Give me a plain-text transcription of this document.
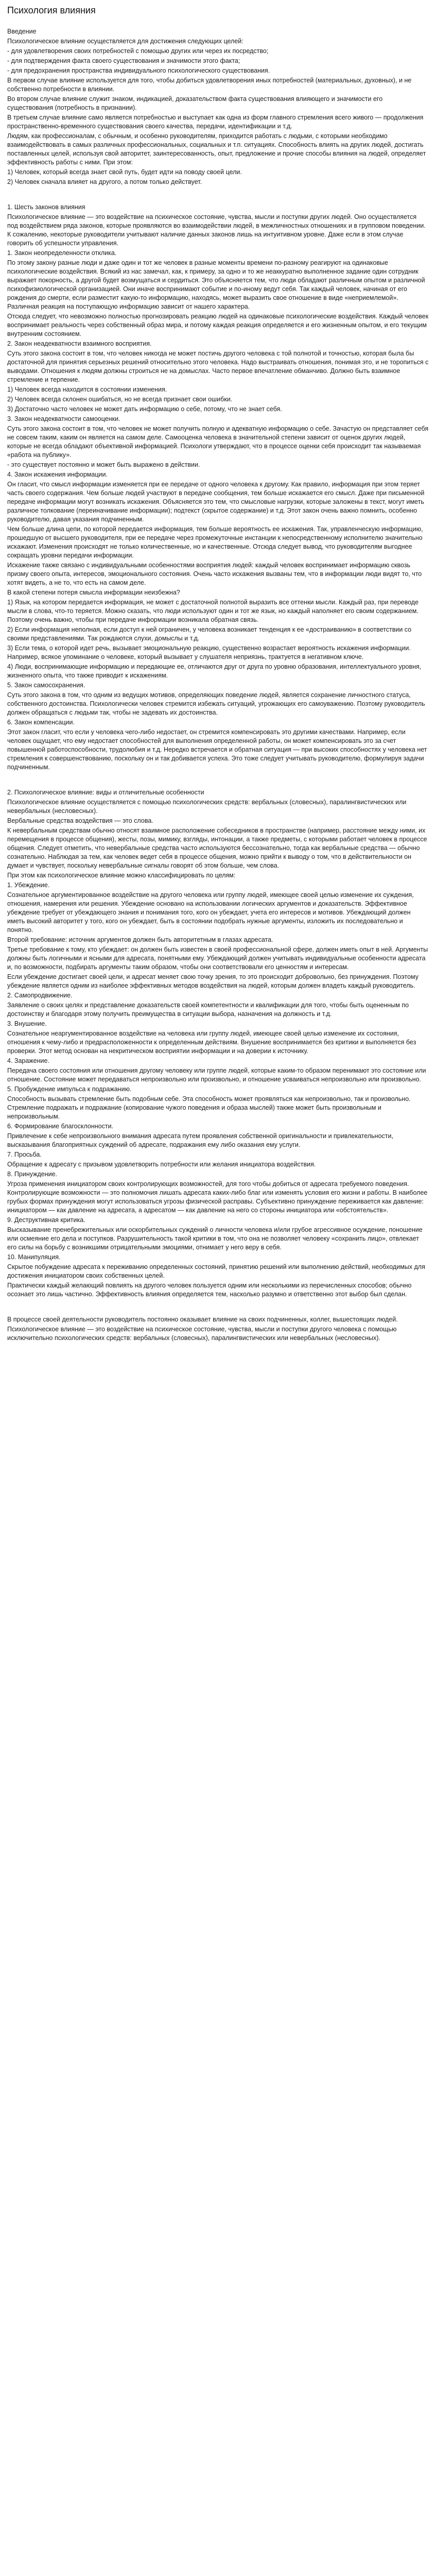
Психология влияния

Введение

Психологическое влияние осуществляется для достижения следующих целей:

- для удовлетворения своих потребностей с помощью других или через их посредство;

- для подтверждения факта своего существования и значимости этого факта;

- для предохранения пространства индивидуального психологического существования.

В первом случае влияние используется для того, чтобы добиться удовлетворения иных потребностей (материальных, духовных), и не собственно потребности в влиянии.

Во втором случае влияние служит знаком, индикацией, доказательством факта существования влияющего и значимости его существования (потребность в признании).

В третьем случае влияние само является потребностью и выступает как одна из форм главного стремления всего живого — продолжения пространственно-временного существования своего качества, передачи, идентификации и т.д.

Людям, как профессионалам, с обычным, и особенно руководителям, приходится работать с людьми, с которыми необходимо взаимодействовать в самых различных профессиональных, социальных и т.п. ситуациях. Способность влиять на других людей, достигать поставленных целей, используя свой авторитет, заинтересованность, опыт, предложение и прочие способы влияния на людей, определяет эффективность работы с ними. При этом:

1) Человек, который всегда знает свой путь, будет идти на поводу своей цели.

2) Человек сначала влияет на другого, а потом только действует.

1. Шесть законов влияния

Психологическое влияние — это воздействие на психическое состояние, чувства, мысли и поступки других людей. Оно осуществляется под воздействием ряда законов, которые проявляются во взаимодействии людей, в межличностных отношениях и в групповом поведении. К сожалению, некоторые руководители учитывают наличие данных законов лишь на интуитивном уровне. Даже если в этом случае говорить об успешности управления.

1. Закон неопределенности отклика.

По этому закону разные люди и даже один и тот же человек в разные моменты времени по-разному реагируют на одинаковые психологические воздействия. Всякий из нас замечал, как, к примеру, за одно и то же неаккуратно выполненное задание один сотрудник выражает покорность, а другой будет возмущаться и сердиться. Это объясняется тем, что люди обладают различным опытом и различной психофизиологической организацией. Они иначе воспринимают событие и по-иному ведут себя. Так каждый человек, начиная от его рождения до смерти, если разместит какую-то информацию, находясь, может выразить свое отношение в виде «неприемлемой». Различная реакция на поступающую информацию зависит от нашего характера.

Отсюда следует, что невозможно полностью прогнозировать реакцию людей на одинаковые психологические воздействия. Каждый человек воспринимает реальность через собственный образ мира, и потому каждая реакция определяется и его жизненным опытом, и его текущим внутренним состоянием.

2. Закон неадекватности взаимного восприятия.

Суть этого закона состоит в том, что человек никогда не может постичь другого человека с той полнотой и точностью, которая была бы достаточной для принятия серьезных решений относительно этого человека. Надо выстраивать отношения, понимая это, и не торопиться с выводами. Отношения к людям должны строиться не на домыслах. Часто первое впечатление обманчиво. Должно быть взаимное стремление и терпение.

1) Человек всегда находится в состоянии изменения.

2) Человек всегда склонен ошибаться, но не всегда признает свои ошибки.

3) Достаточно часто человек не может дать информацию о себе, потому, что не знает себя.

3. Закон неадекватности самооценки.

Суть этого закона состоит в том, что человек не может получить полную и адекватную информацию о себе. Зачастую он представляет себя не совсем таким, каким он является на самом деле. Самооценка человека в значительной степени зависит от оценок других людей, которые не всегда обладают объективной информацией. Психологи утверждают, что в процессе оценки себя происходит так называемая «работа на публику».

- это существует постоянно и может быть выражено в действии.

4. Закон искажения информации.

Он гласит, что смысл информации изменяется при ее передаче от одного человека к другому. Как правило, информация при этом теряет часть своего содержания. Чем больше людей участвуют в передаче сообщения, тем больше искажается его смысл. Даже при письменной передаче информации могут возникать искажения. Объясняется это тем, что смысловые нагрузки, которые заложены в текст, могут иметь различное толкование (переиначивание информации); подтекст (скрытое содержание) и т.д. Этот закон очень важно помнить, особенно руководителю, давая указания подчиненным.

Чем больше длина цепи, по которой передается информация, тем больше вероятность ее искажения. Так, управленческую информацию, прошедшую от высшего руководителя, при ее передаче через промежуточные инстанции к непосредственному исполнителю значительно искажают. Изменения происходят не только количественные, но и качественные. Отсюда следует вывод, что руководителям выгоднее сокращать уровни передачи информации.

Искажение также связано с индивидуальными особенностями восприятия людей: каждый человек воспринимает информацию сквозь призму своего опыта, интересов, эмоционального состояния. Очень часто искажения вызваны тем, что в информации люди видят то, что хотят видеть, а не то, что есть на самом деле.

В какой степени потеря смысла информации неизбежна?

1) Язык, на котором передается информация, не может с достаточной полнотой выразить все оттенки мысли. Каждый раз, при переводе мысли в слова, что-то теряется. Можно сказать, что люди используют один и тот же язык, но каждый наполняет его своим содержанием. Поэтому очень важно, чтобы при передаче информации возникала обратная связь.

2) Если информация неполная, если доступ к ней ограничен, у человека возникает тенденция к ее «достраиванию» в соответствии со своими представлениями. Так рождаются слухи, домыслы и т.д.

3) Если тема, о которой идет речь, вызывает эмоциональную реакцию, существенно возрастает вероятность искажения информации. Например, всякое упоминание о человеке, который вызывает у слушателя неприязнь, трактуется в негативном ключе.

4) Люди, воспринимающие информацию и передающие ее, отличаются друг от друга по уровню образования, интеллектуального уровня, жизненного опыта, что также приводит к искажениям.

5. Закон самосохранения.

Суть этого закона в том, что одним из ведущих мотивов, определяющих поведение людей, является сохранение личностного статуса, собственного достоинства. Психологически человек стремится избежать ситуаций, угрожающих его самоуважению. Поэтому руководитель должен обращаться с людьми так, чтобы не задевать их достоинства.

6. Закон компенсации.

Этот закон гласит, что если у человека чего-либо недостает, он стремится компенсировать это другими качествами. Например, если человек ощущает, что ему недостает способностей для выполнения определенной работы, он может компенсировать это за счет повышенной работоспособности, трудолюбия и т.д. Нередко встречается и обратная ситуация — при высоких способностях у человека нет стремления к совершенствованию, поскольку он и так добивается успеха. Это тоже следует учитывать руководителю, формулируя задачи подчиненным.

2. Психологическое влияние: виды и отличительные особенности

Психологическое влияние осуществляется с помощью психологических средств: вербальных (словесных), паралингвистических или невербальных (несловесных).

Вербальные средства воздействия — это слова.

К невербальным средствам обычно относят взаимное расположение собеседников в пространстве (например, расстояние между ними, их перемещения в процессе общения), жесты, позы, мимику, взгляды, интонации, а также предметы, с которыми работает человек в процессе общения. Следует отметить, что невербальные средства часто используются бессознательно, тогда как вербальные средства — обычно сознательно. Наблюдая за тем, как человек ведет себя в процессе общения, можно прийти к выводу о том, что в действительности он думает и чувствует, поскольку невербальные сигналы говорят об этом больше, чем слова.

При этом как психологическое влияние можно классифицировать по целям:

1. Убеждение.

Сознательное аргументированное воздействие на другого человека или группу людей, имеющее своей целью изменение их суждения, отношения, намерения или решения. Убеждение основано на использовании логических аргументов и доказательств. Эффективное убеждение требует от убеждающего знания и понимания того, кого он убеждает, учета его интересов и мотивов. Убеждающий должен иметь высокий авторитет у того, кого он убеждает, быть в состоянии подобрать нужные аргументы, изложить их последовательно и понятно.

Второй требование: источник аргументов должен быть авторитетным в глазах адресата.

Третье требование к тому, кто убеждает: он должен быть известен в своей профессиональной сфере, должен иметь опыт в ней. Аргументы должны быть логичными и ясными для адресата, понятными ему. Убеждающий должен учитывать индивидуальные особенности адресата и, по возможности, подбирать аргументы таким образом, чтобы они соответствовали его ценностям и интересам.

Если убеждение достигает своей цели, и адресат меняет свою точку зрения, то это происходит добровольно, без принуждения. Поэтому убеждение является одним из наиболее эффективных методов воздействия на людей, которым должен владеть каждый руководитель.

2. Самопродвижение.

Заявление о своих целях и представление доказательств своей компетентности и квалификации для того, чтобы быть оцененным по достоинству и благодаря этому получить преимущества в ситуации выбора, назначения на должность и т.д.

3. Внушение.

Сознательное неаргументированное воздействие на человека или группу людей, имеющее своей целью изменение их состояния, отношения к чему-либо и предрасположенности к определенным действиям. Внушение воспринимается без критики и выполняется без проверки. Этот метод основан на некритическом восприятии информации и на доверии к источнику.

4. Заражение.

Передача своего состояния или отношения другому человеку или группе людей, которые каким-то образом перенимают это состояние или отношение. Состояние может передаваться непроизвольно или произвольно, и отношение усваиваться непроизвольно или произвольно.

5. Пробуждение импульса к подражанию.

Способность вызывать стремление быть подобным себе. Эта способность может проявляться как непроизвольно, так и произвольно. Стремление подражать и подражание (копирование чужого поведения и образа мыслей) также может быть произвольным и непроизвольным.

6. Формирование благосклонности.

Привлечение к себе непроизвольного внимания адресата путем проявления собственной оригинальности и привлекательности, высказывания благоприятных суждений об адресате, подражания ему либо оказания ему услуги.

7. Просьба.

Обращение к адресату с призывом удовлетворить потребности или желания инициатора воздействия.

8. Принуждение.

Угроза применения инициатором своих контролирующих возможностей, для того чтобы добиться от адресата требуемого поведения. Контролирующие возможности — это полномочия лишать адресата каких-либо благ или изменять условия его жизни и работы. В наиболее грубых формах принуждения могут использоваться угрозы физической расправы. Субъективно принуждение переживается как давление: инициатором — как давление на адресата, а адресатом — как давление на него со стороны инициатора или «обстоятельств».

9. Деструктивная критика.

Высказывание пренебрежительных или оскорбительных суждений о личности человека и/или грубое агрессивное осуждение, поношение или осмеяние его дела и поступков. Разрушительность такой критики в том, что она не позволяет человеку «сохранить лицо», отвлекает его силы на борьбу с возникшими отрицательными эмоциями, отнимает у него веру в себя.

10. Манипуляция.

Скрытое побуждение адресата к переживанию определенных состояний, принятию решений или выполнению действий, необходимых для достижения инициатором своих собственных целей.

Практически каждый желающий повлиять на другого человек пользуется одним или несколькими из перечисленных способов; обычно осознает это лишь частично. Эффективность влияния определяется тем, насколько разумно и ответственно этот выбор был сделан.

В процессе своей деятельности руководитель постоянно оказывает влияние на своих подчиненных, коллег, вышестоящих людей.

Психологическое влияние — это воздействие на психическое состояние, чувства, мысли и поступки другого человека с помощью исключительно психологических средств: вербальных (словесных), паралингвистических или невербальных (несловесных).
